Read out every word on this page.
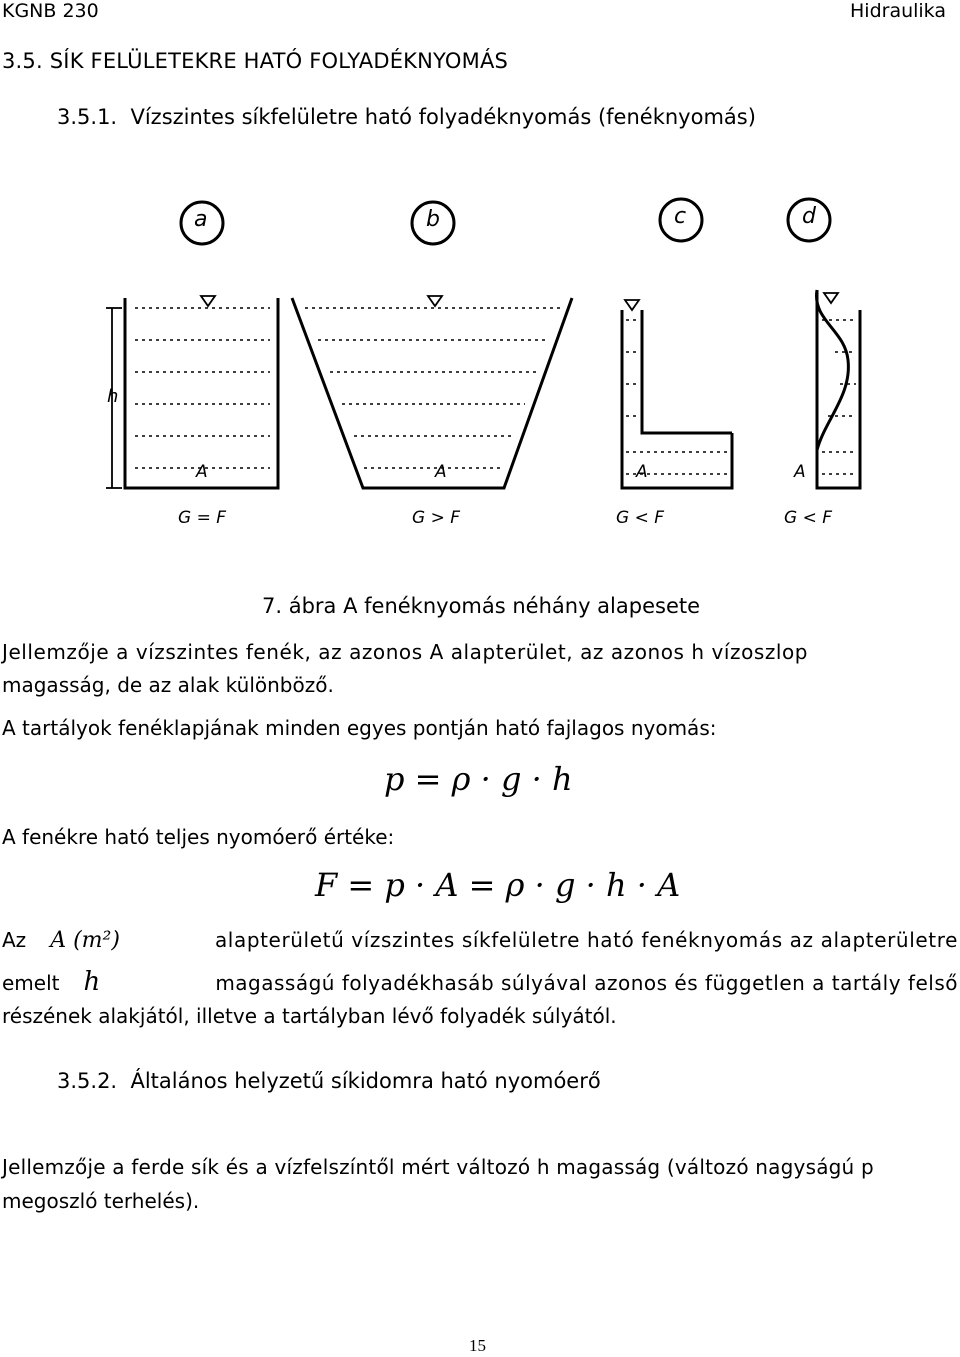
KGNB 230	Hidraulika
3.5. SÍK FELÜLETEKRE HATÓ FOLYADÉKNYOMÁS
3.5.1. Vízszintes síkfelületre ható folyadéknyomás (fenéknyomás)
a	b	c	d
h
A	A	A	A
G = F	G > F	G < F	G < F
7. ábra A fenéknyomás néhány alapesete
Jellemzője a vízszintes fenék, az azonos A alapterület, az azonos h vízoszlop
magasság, de az alak különböző.
A tartályok fenéklapjának minden egyes pontján ható fajlagos nyomás:
p = ρ · g · h
A fenékre ható teljes nyomóerő értéke:
F = p · A = ρ · g · h · A
Az A (m²)	alapterületű vízszintes síkfelületre ható fenéknyomás az alapterületre
emelt h	magasságú folyadékhasáb súlyával azonos és független a tartály felső
részének alakjától, illetve a tartályban lévő folyadék súlyától.
3.5.2. Általános helyzetű síkidomra ható nyomóerő
Jellemzője a ferde sík és a vízfelszíntől mért változó h magasság (változó nagyságú p
megoszló terhelés).
15
